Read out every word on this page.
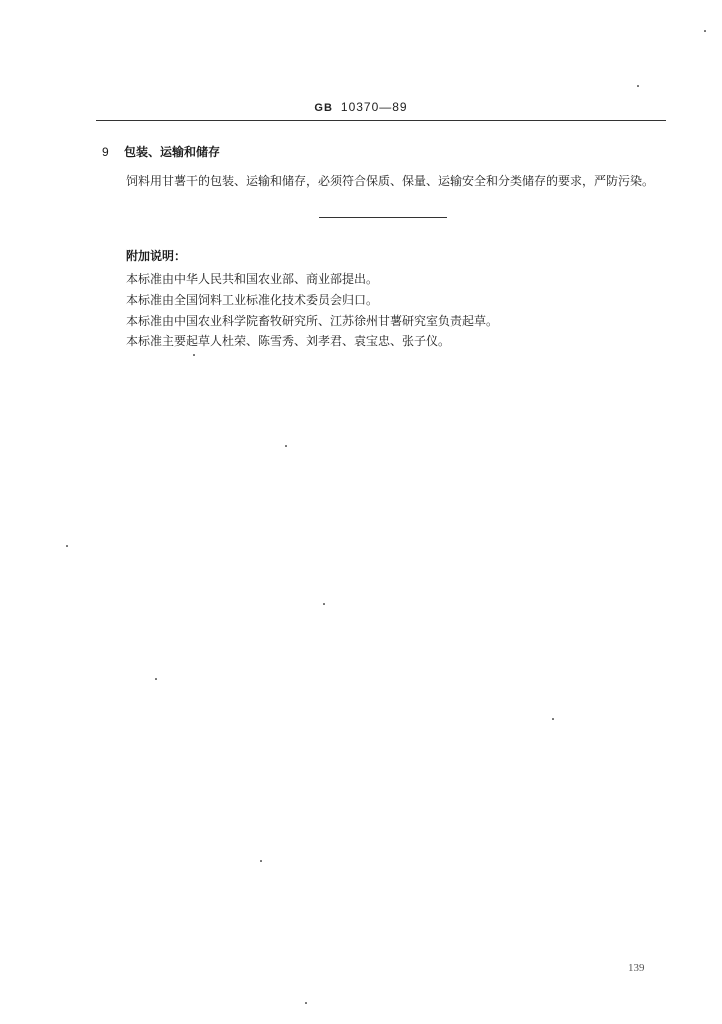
GB 10370—89
9 包装、运输和储存
饲料用甘薯干的包装、运输和储存，必须符合保质、保量、运输安全和分类储存的要求，严防污染。
附加说明：
本标准由中华人民共和国农业部、商业部提出。
本标准由全国饲料工业标准化技术委员会归口。
本标准由中国农业科学院畜牧研究所、江苏徐州甘薯研究室负责起草。
本标准主要起草人杜荣、陈雪秀、刘孝君、袁宝忠、张子仪。
139
